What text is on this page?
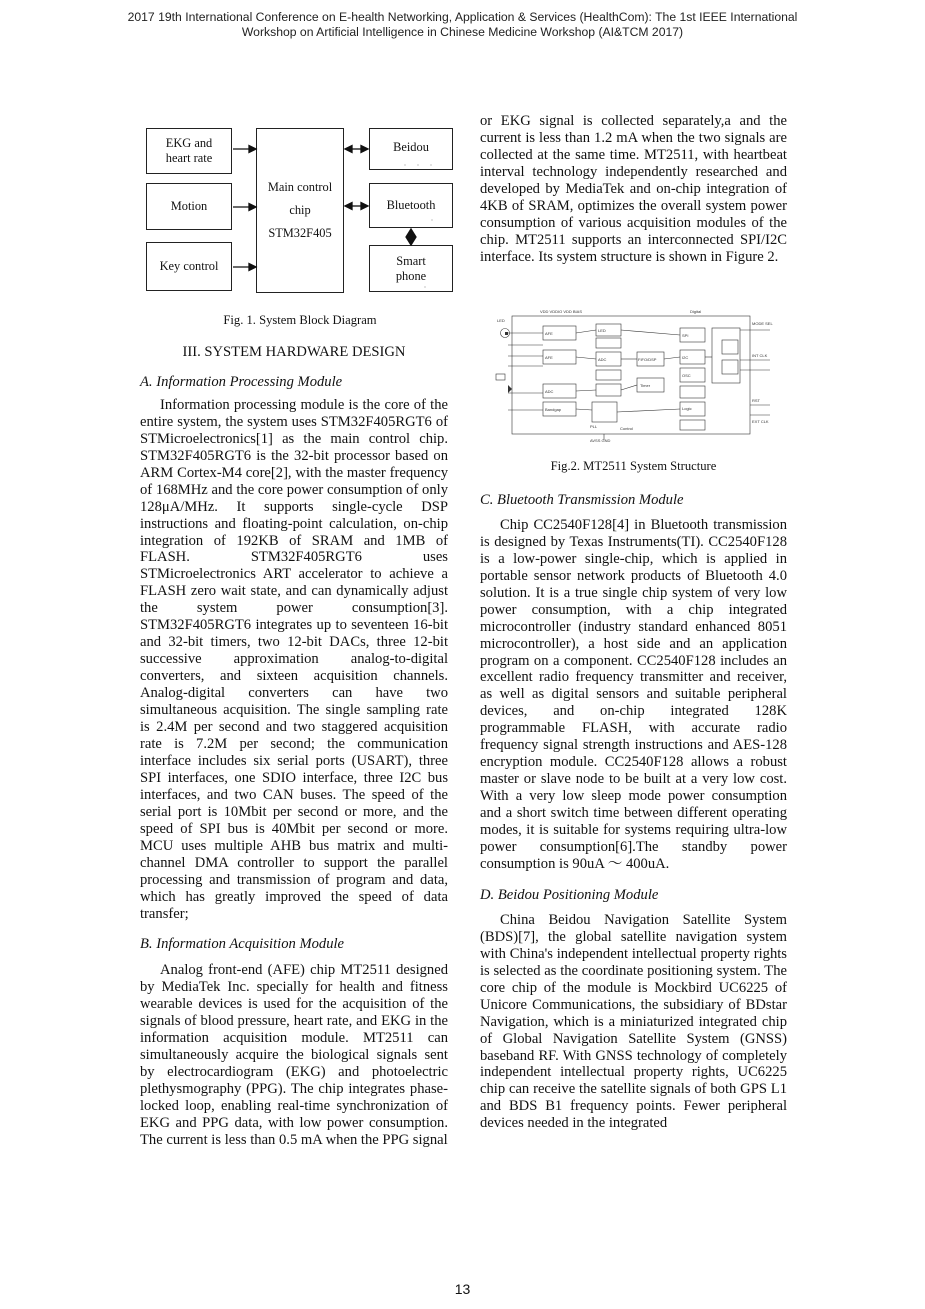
2017 19th International Conference on E-health Networking, Application & Services (HealthCom): The 1st IEEE International
Workshop on Artificial Intelligence in Chinese Medicine Workshop (AI&TCM 2017)
EKG and
heart rate
Motion
Key control
Main control
chip
STM32F405
Beidou
Bluetooth
Smart
phone
Fig. 1. System Block Diagram
III. SYSTEM HARDWARE DESIGN

A. Information Processing Module

Information processing module is the core of the entire system, the system uses STM32F405RGT6 of STMicroelectronics[1] as the main control chip. STM32F405RGT6 is the 32-bit processor based on ARM Cortex-M4 core[2], with the master frequency of 168MHz and the core power consumption of only 128μA/MHz. It supports single-cycle DSP instructions and floating-point calculation, on-chip integration of 192KB of SRAM and 1MB of FLASH. STM32F405RGT6 uses STMicroelectronics ART accelerator to achieve a FLASH zero wait state, and can dynamically adjust the system power consumption[3]. STM32F405RGT6 integrates up to seventeen 16-bit and 32-bit timers, two 12-bit DACs, three 12-bit successive approximation analog-to-digital converters, and sixteen acquisition channels. Analog-digital converters can have two simultaneous acquisition. The single sampling rate is 2.4M per second and two staggered acquisition rate is 7.2M per second; the communication interface includes six serial ports (USART), three SPI interfaces, one SDIO interface, three I2C bus interfaces, and two CAN buses. The speed of the serial port is 10Mbit per second or more, and the speed of SPI bus is 40Mbit per second or more. MCU uses multiple AHB bus matrix and multi-channel DMA controller to support the parallel processing and transmission of program and data, which has greatly improved the speed of data transfer;

B. Information Acquisition Module

Analog front-end (AFE) chip MT2511 designed by MediaTek Inc. specially for health and fitness wearable devices is used for the acquisition of the signals of blood pressure, heart rate, and EKG in the information acquisition module. MT2511 can simultaneously acquire the biological signals sent by electrocardiogram (EKG) and photoelectric plethysmography (PPG). The chip integrates phase-locked loop, enabling real-time synchronization of EKG and PPG data, with low power consumption. The current is less than 0.5 mA when the PPG signal

or EKG signal is collected separately,a and the current is less than 1.2 mA when the two signals are collected at the same time. MT2511, with heartbeat interval technology independently researched and developed by MediaTek and on-chip integration of 4KB of SRAM, optimizes the overall system power consumption of various acquisition modules of the chip. MT2511 supports an interconnected SPI/I2C interface. Its system structure is shown in Figure 2.

VDD VDDIO VDD BIAS	Digital
LED
AFE
AFE
ADC
Bandgap
LED
ADC	FIFO/DSP
Timer
SPI
I2C
OSC
Logic
MODE SEL
INT CLK
RST
EXT CLK
PLL	Control
AVSS GND
Fig.2. MT2511 System Structure

C. Bluetooth Transmission Module

Chip CC2540F128[4] in Bluetooth transmission is designed by Texas Instruments(TI). CC2540F128 is a low-power single-chip, which is applied in portable sensor network products of Bluetooth 4.0 solution. It is a true single chip system of very low power consumption, with a chip integrated microcontroller (industry standard enhanced 8051 microcontroller), a host side and an application program on a component. CC2540F128 includes an excellent radio frequency transmitter and receiver, as well as digital sensors and suitable peripheral devices, and on-chip integrated 128K programmable FLASH, with accurate radio frequency signal strength instructions and AES-128 encryption module. CC2540F128 allows a robust master or slave node to be built at a very low cost. With a very low sleep mode power consumption and a short switch time between different operating modes, it is suitable for systems requiring ultra-low power consumption[6].The standby power consumption is 90uA ～ 400uA.

D. Beidou Positioning Module

China Beidou Navigation Satellite System (BDS)[7], the global satellite navigation system with China's independent intellectual property rights is selected as the coordinate positioning system. The core chip of the module is Mockbird UC6225 of Unicore Communications, the subsidiary of BDstar Navigation, which is a miniaturized integrated chip of Global Navigation Satellite System (GNSS) baseband RF. With GNSS technology of completely independent intellectual property rights, UC6225 chip can receive the satellite signals of both GPS L1 and BDS B1 frequency points. Fewer peripheral devices needed in the integrated

13
